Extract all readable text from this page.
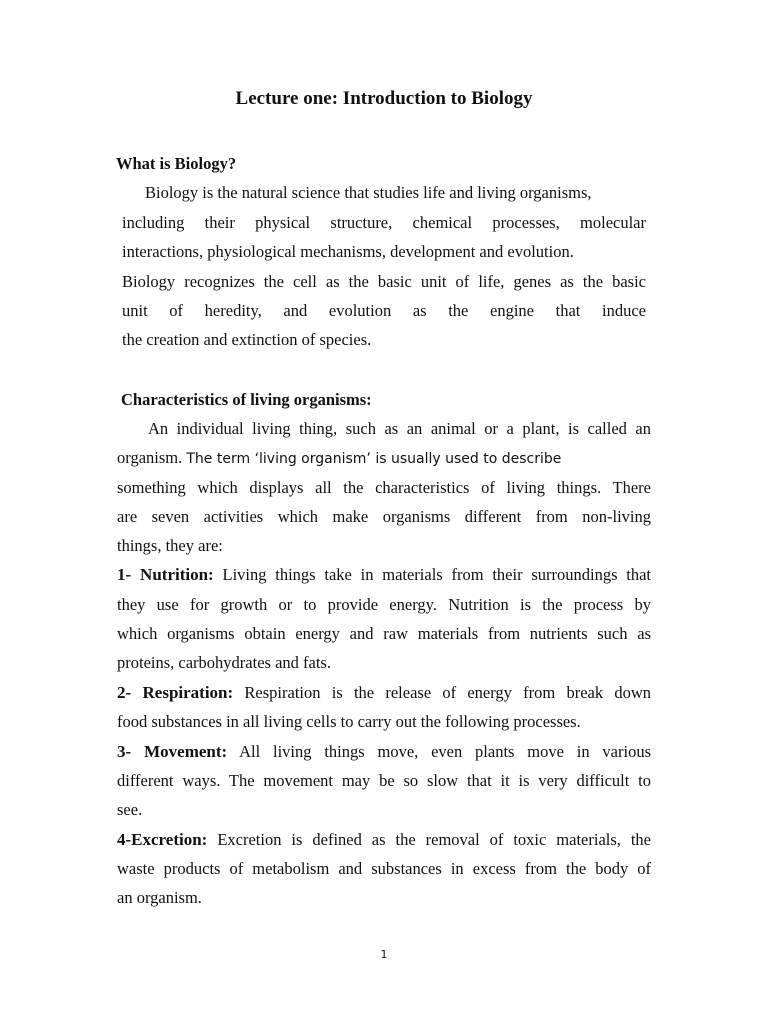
Lecture one: Introduction to Biology
What is Biology?
Biology is the natural science that studies life and living organisms,
including their physical structure, chemical processes, molecular
interactions, physiological mechanisms, development and evolution.
Biology recognizes the cell as the basic unit of life, genes as the basic
unit of heredity, and evolution as the engine that induce
the creation and extinction of species.
Characteristics of living organisms:
An individual living thing, such as an animal or a plant, is called an
organism. The term ‘living organism’ is usually used to describe
something which displays all the characteristics of living things. There
are seven activities which make organisms different from non-living
things, they are:
1- Nutrition: Living things take in materials from their surroundings that
they use for growth or to provide energy. Nutrition is the process by
which organisms obtain energy and raw materials from nutrients such as
proteins, carbohydrates and fats.
2- Respiration: Respiration is the release of energy from break down
food substances in all living cells to carry out the following processes.
3- Movement: All living things move, even plants move in various
different ways. The movement may be so slow that it is very difficult to
see.
4-Excretion: Excretion is defined as the removal of toxic materials, the
waste products of metabolism and substances in excess from the body of
an organism.
1
